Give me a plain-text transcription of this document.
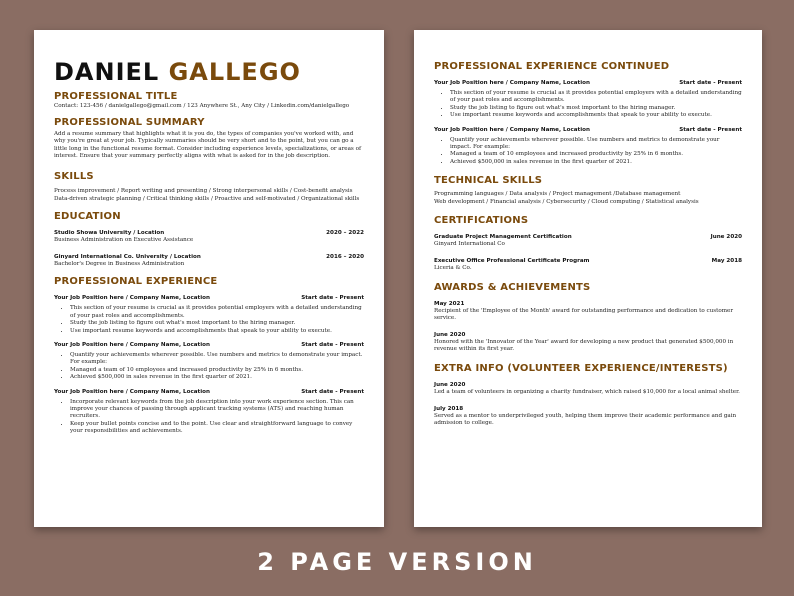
DANIEL GALLEGO
PROFESSIONAL TITLE
Contact: 123-456 / danielgallego@gmail.com / 123 Anywhere St., Any City / Linkedin.com/danielgallego
PROFESSIONAL SUMMARY
Add a resume summary that highlights what it is you do, the types of companies you've worked with, and why you're great at your job. Typically summaries should be very short and to the point, but you can go a little long in the functional resume format. Consider including experience levels, specializations, or areas of interest. Ensure that your summary perfectly aligns with what is asked for in the job description.
SKILLS
Process improvement / Report writing and presenting / Strong interpersonal skills / Cost-benefit analysis
Data-driven strategic planning / Critical thinking skills / Proactive and self-motivated / Organizational skills
EDUCATION
Studio Showa University / Location	2020 – 2022
Business Administration on Executive Assistance
Ginyard International Co. University / Location	2016 – 2020
Bachelor's Degree in Business Administration
PROFESSIONAL EXPERIENCE
Your Job Position here / Company Name, Location	Start date - Present
• This section of your resume is crucial as it provides potential employers with a detailed understanding of your past roles and accomplishments.
• Study the job listing to figure out what's most important to the hiring manager.
• Use important resume keywords and accomplishments that speak to your ability to execute.
Your Job Position here / Company Name, Location	Start date - Present
• Quantify your achievements wherever possible. Use numbers and metrics to demonstrate your impact. For example:
• Managed a team of 10 employees and increased productivity by 25% in 6 months.
• Achieved $500,000 in sales revenue in the first quarter of 2021.
Your Job Position here / Company Name, Location	Start date - Present
• Incorporate relevant keywords from the job description into your work experience section. This can improve your chances of passing through applicant tracking systems (ATS) and reaching human recruiters.
• Keep your bullet points concise and to the point. Use clear and straightforward language to convey your responsibilities and achievements.
PROFESSIONAL EXPERIENCE CONTINUED
Your Job Position here / Company Name, Location	Start date - Present
• This section of your resume is crucial as it provides potential employers with a detailed understanding of your past roles and accomplishments.
• Study the job listing to figure out what's most important to the hiring manager.
• Use important resume keywords and accomplishments that speak to your ability to execute.
Your Job Position here / Company Name, Location	Start date - Present
• Quantify your achievements wherever possible. Use numbers and metrics to demonstrate your impact. For example:
• Managed a team of 10 employees and increased productivity by 25% in 6 months.
• Achieved $500,000 in sales revenue in the first quarter of 2021.
TECHNICAL SKILLS
Programming languages / Data analysis / Project management /Database management
Web development / Financial analysis / Cybersecurity / Cloud computing / Statistical analysis
CERTIFICATIONS
Graduate Project Management Certification	June 2020
Ginyard International Co
Executive Office Professional Certificate Program	May 2018
Liceria & Co.
AWARDS & ACHIEVEMENTS
May 2021
Recipient of the 'Employee of the Month' award for outstanding performance and dedication to customer service.
June 2020
Honored with the 'Innovator of the Year' award for developing a new product that generated $500,000 in revenue within its first year.
EXTRA INFO (VOLUNTEER EXPERIENCE/INTERESTS)
June 2020
Led a team of volunteers in organizing a charity fundraiser, which raised $10,000 for a local animal shelter.
July 2018
Served as a mentor to underprivileged youth, helping them improve their academic performance and gain admission to college.
2 PAGE VERSION
